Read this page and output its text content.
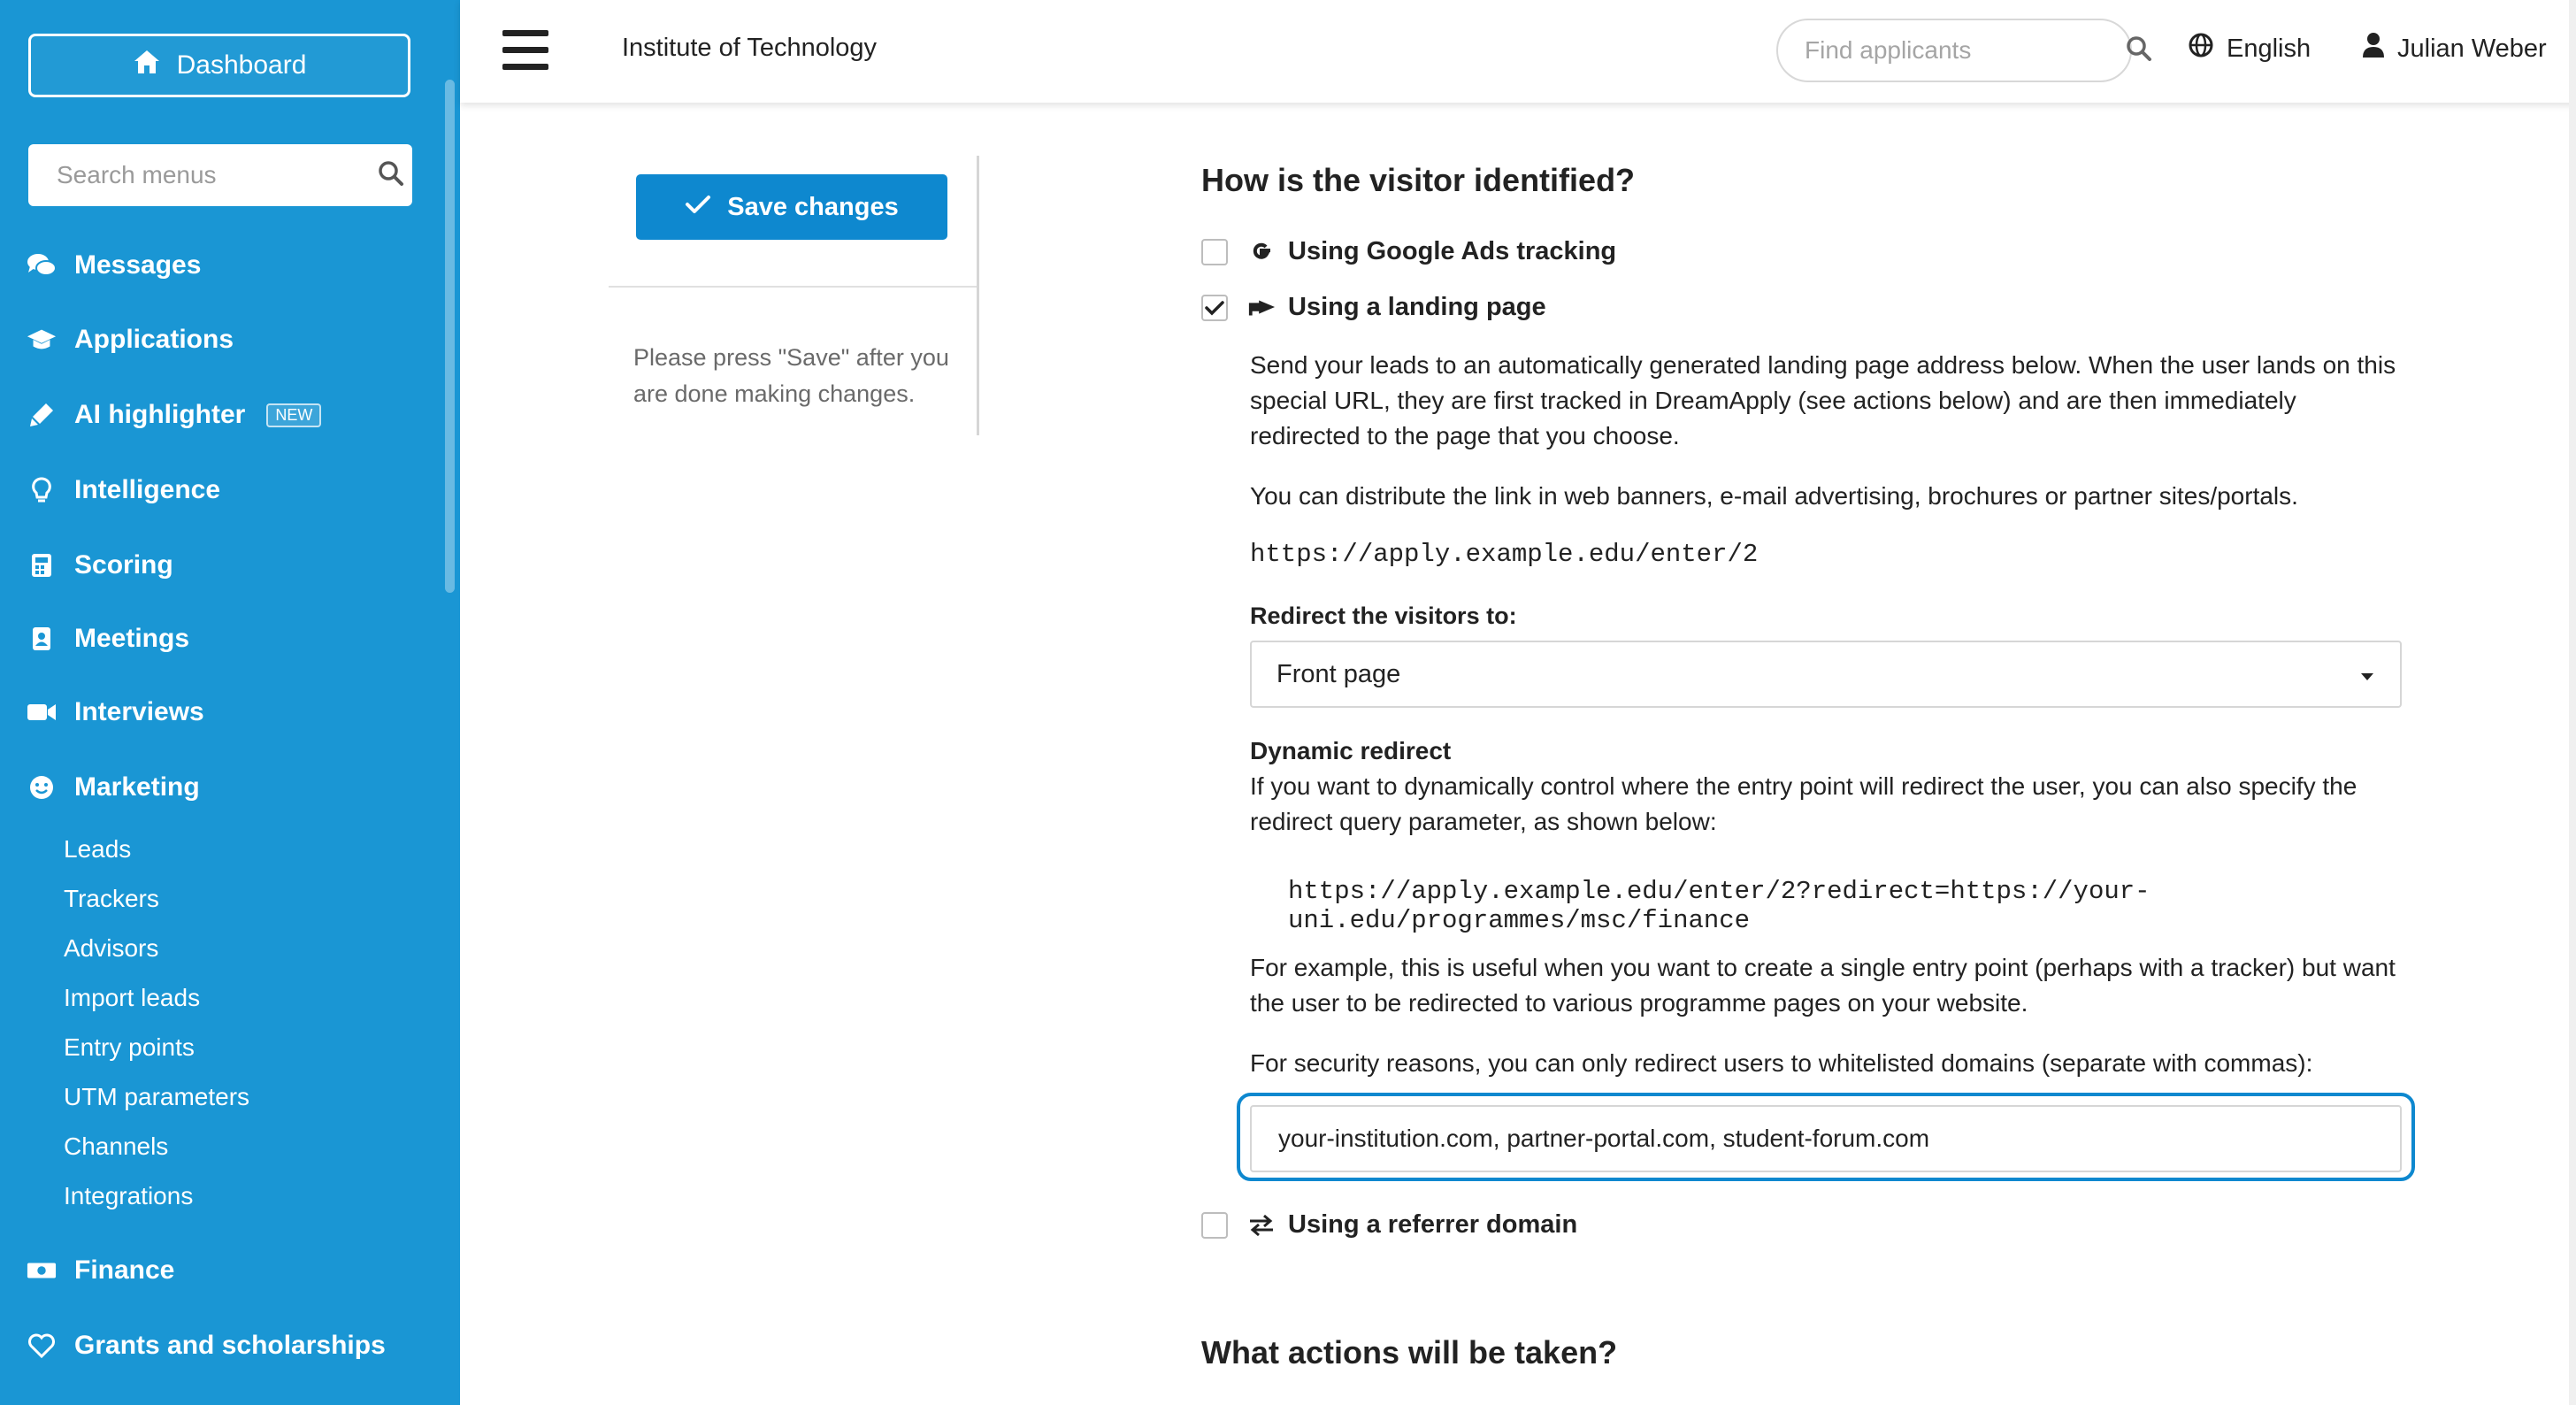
Dashboard
Search menus
Messages
Applications
AI highlighter	NEW
Intelligence
Scoring
Meetings
Interviews
Marketing
Leads
Trackers
Advisors
Import leads
Entry points
UTM parameters
Channels
Integrations
Finance
Grants and scholarships
Institute of Technology
Find applicants	English	Julian Weber
Save changes
Please press "Save" after you are done making changes.
How is the visitor identified?
Using Google Ads tracking
Using a landing page
Send your leads to an automatically generated landing page address below. When the user lands on this special URL, they are first tracked in DreamApply (see actions below) and are then immediately redirected to the page that you choose.
You can distribute the link in web banners, e-mail advertising, brochures or partner sites/portals.
https://apply.example.edu/enter/2
Redirect the visitors to:
Front page
Dynamic redirect
If you want to dynamically control where the entry point will redirect the user, you can also specify the redirect query parameter, as shown below:
https://apply.example.edu/enter/2?redirect=https://your-uni.edu/programmes/msc/finance
For example, this is useful when you want to create a single entry point (perhaps with a tracker) but want the user to be redirected to various programme pages on your website.
For security reasons, you can only redirect users to whitelisted domains (separate with commas):
your-institution.com, partner-portal.com, student-forum.com
Using a referrer domain
What actions will be taken?
